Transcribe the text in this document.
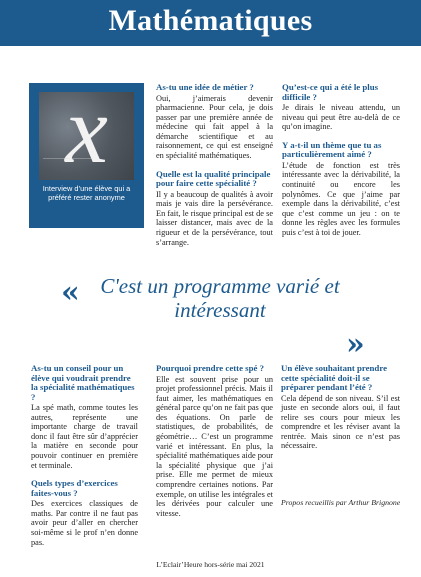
Mathématiques
x
Interview d’une élève qui a préféré rester anonyme
As-tu une idée de métier ?

Oui, j’aimerais devenir pharmacienne. Pour cela, je dois passer par une première année de médecine qui fait appel à la démarche scientifique et au raisonnement, ce qui est enseigné en spécialité mathématiques.

Quelle est la qualité principale pour faire cette spécialité ?

Il y a beaucoup de qualités à avoir mais je vais dire la persévérance. En fait, le risque principal est de se laisser distancer, mais avec de la rigueur et de la persévérance, tout s’arrange.

Qu’est-ce qui a été le plus difficile ?

Je dirais le niveau attendu, un niveau qui peut être au-delà de ce qu’on imagine.

Y a-t-il un thème que tu as particulièrement aimé ?

L’étude de fonction est très intéressante avec la dérivabilité, la continuité ou encore les polynômes. Ce que j’aime par exemple dans la dérivabilité, c’est que c’est comme un jeu : on te donne les règles avec les formules puis c’est à toi de jouer.

« C'est un programme varié et intéressant
»
As-tu un conseil pour un élève qui voudrait prendre la spécialité mathématiques ?

La spé math, comme toutes les autres, représente une importante charge de travail donc il faut être sûr d’apprécier la matière en seconde pour pouvoir continuer en première et terminale.

Quels types d’exercices faites-vous ?

Des exercices classiques de maths. Par contre il ne faut pas avoir peur d’aller en chercher soi-même si le prof n’en donne pas.

Pourquoi prendre cette spé ?

Elle est souvent prise pour un projet professionnel précis. Mais il faut aimer, les mathématiques en général parce qu’on ne fait pas que des équations. On parle de statistiques, de probabilités, de géométrie… C’est un programme varié et intéressant. En plus, la spécialité mathématiques aide pour la spécialité physique que j’ai prise. Elle me permet de mieux comprendre certaines notions. Par exemple, on utilise les intégrales et les dérivées pour calculer une vitesse.

Un élève souhaitant prendre cette spécialité doit-il se préparer pendant l’été ?

Cela dépend de son niveau. S’il est juste en seconde alors oui, il faut relire ses cours pour mieux les comprendre et les réviser avant la rentrée. Mais sinon ce n’est pas nécessaire.

Propos recueillis par Arthur Brignone
L’Eclair’Heure hors-série mai 2021
